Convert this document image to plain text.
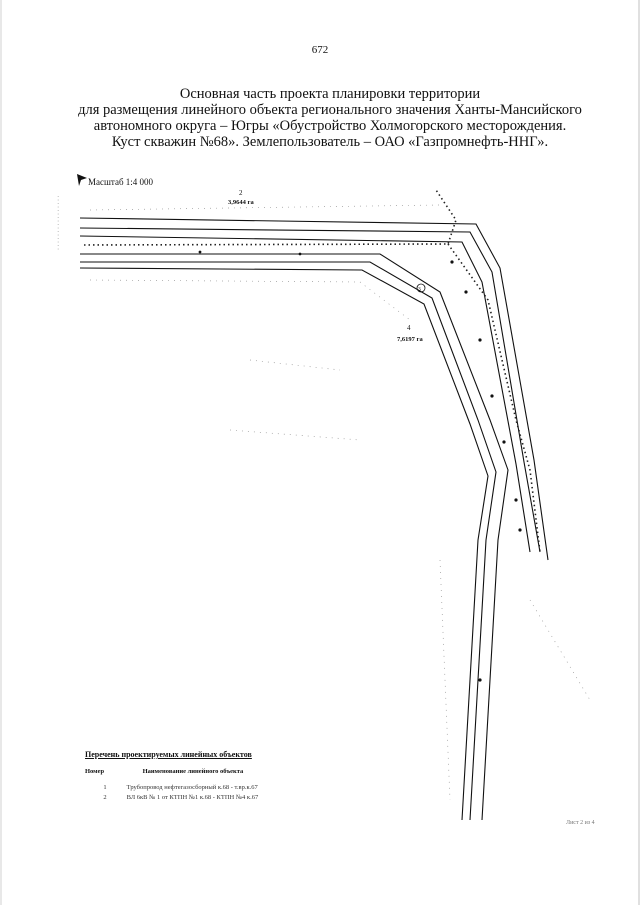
672
Основная часть проекта планировки территории
для размещения линейного объекта регионального значения Ханты-Мансийского
автономного округа – Югры «Обустройство Холмогорского месторождения.
Куст скважин №68». Землепользователь – ОАО «Газпромнефть-ННГ».
Масштаб 1:4 000
· · · · · · · · · · · · · · · ·
3
2
3,9644 га
4
7,6197 га
Перечень проектируемых линейных объектов
Номер	Наименование линейного объекта
1	Трубопровод нефтегазосборный к.68 - т.вр.к.67
2	ВЛ 6кВ № 1 от КТПН №1 к.68 - КТПН №4 к.67
Лист 2 из 4
